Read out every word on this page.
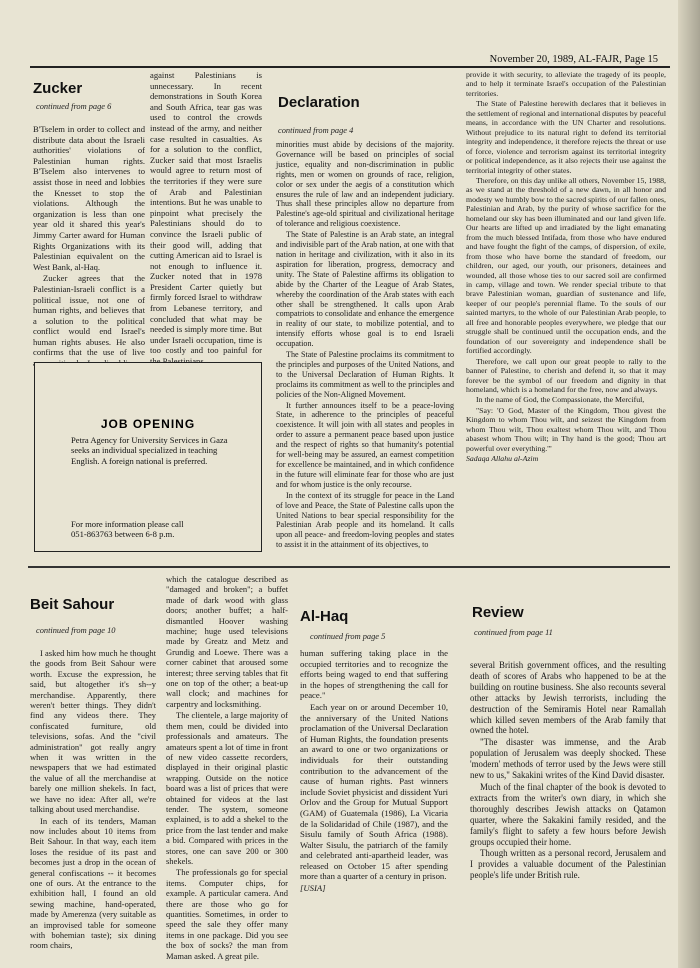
November 20, 1989, AL-FAJR, Page 15
Zucker
continued from page 6

B'Tselem in order to collect and distribute data about the Israeli authorities' violations of Palestinian human rights. B'Tselem also intervenes to assist those in need and lobbies the Knesset to stop the violations. Although the organization is less than one year old it shared this year's Jimmy Carter award for Human Rights Organizations with its Palestinian equivalent on the West Bank, al-Haq.

Zucker agrees that the Palestinian-Israeli conflict is a political issue, not one of human rights, and believes that a solution to the political conflict would end Israel's human rights abuses. He also confirms that the use of live

against Palestinians is unnecessary. In recent demonstrations in South Korea and South Africa, tear gas was used to control the crowds instead of the army, and neither case resulted in casualties. As for a solution to the conflict, Zucker said that most Israelis would agree to return most of the territories if they were sure of Arab and Palestinian intentions. But he was unable to pinpoint what precisely the Palestinians should do to convince the Israeli public of their good will, adding that cutting American aid to Israel is not enough to influence it. Zucker noted that in 1978 President Carter quietly but firmly forced Israel to withdraw from Lebanese territory, and concluded that what may be needed is simply more time. But under Israeli occupation, time is too costly and too painful for

JOB OPENING
Petra Agency for University Services in Gaza seeks an individual specialized in teaching English. A foreign national is preferred.
For more information please call
051-863763 between 6-8 p.m.
Declaration
continued from page 4

minorities must abide by decisions of the majority. Governance will be based on principles of social justice, equality and non-discrimination in public rights, men or women on grounds of race, religion, color or sex under the aegis of a constitution which ensures the rule of law and an independent judiciary. Thus shall these principles allow no departure from Palestine's age-old spiritual and civilizational heritage of tolerance and religious coexistence.

The State of Palestine is an Arab state, an integral and indivisible part of the Arab nation, at one with that nation in heritage and civilization, with it also in its aspiration for liberation, progress, democracy and unity. The State of Palestine affirms its obligation to abide by the Charter of the League of Arab States, whereby the coordination of the Arab states with each other shall be strengthened. It calls upon Arab compatriots to consolidate and enhance the emergence in reality of our state, to mobilize potential, and to intensify efforts whose goal is to end Israeli occupation.

The State of Palestine proclaims its commitment to the principles and purposes of the United Nations, and to the Universal Declaration of Human Rights. It proclaims its commitment as well to the principles and policies of the Non-Aligned Movement.

It further announces itself to be a peace-loving State, in adherence to the principles of peaceful coexistence. It will join with all states and peoples in order to assure a permanent peace based upon justice and the respect of rights so that humanity's potential for well-being may be assured, an earnest competition for excellence be maintained, and in which confidence in the future will eliminate fear for those who are just and for whom justice is the only recourse.

In the context of its struggle for peace in the Land of love and Peace, the State of Palestine calls upon the United Nations to bear special responsibility for the Palestinian Arab people and its homeland. It calls upon all peace- and freedom-loving peoples and states to assist it in the attainment of its objectives, to

provide it with security, to alleviate the tragedy of its people, and to help it terminate Israel's occupation of the Palestinian territories.

The State of Palestine herewith declares that it believes in the settlement of regional and international disputes by peaceful means, in accordance with the UN Charter and resolutions. Without prejudice to its natural right to defend its territorial integrity and independence, it therefore rejects the threat or use of force, violence and terrorism against its territorial integrity or political independence, as it also rejects their use against the territorial integrity of other states.

Therefore, on this day unlike all others, November 15, 1988, as we stand at the threshold of a new dawn, in all honor and modesty we humbly bow to the sacred spirits of our fallen ones, Palestinian and Arab, by the purity of whose sacrifice for the homeland our sky has been illuminated and our land given life. Our hearts are lifted up and irradiated by the light emanating from the much blessed Intifada, from those who have endured and have fought the fight of the camps, of dispersion, of exile, from those who have borne the standard of freedom, our children, our aged, our youth, our prisoners, detainees and wounded, all those whose ties to our sacred soil are confirmed in camp, village and town. We render special tribute to that brave Palestinian woman, guardian of sustenance and life, keeper of our people's perennial flame. To the souls of our sainted martyrs, to the whole of our Palestinian Arab people, to all free and honorable peoples everywhere, we pledge that our struggle shall be continued until the occupation ends, and the foundation of our sovereignty and independence shall be fortified accordingly.

Therefore, we call upon our great people to rally to the banner of Palestine, to cherish and defend it, so that it may forever be the symbol of our freedom and dignity in that homeland, which is a homeland for the free, now and always.

In the name of God, the Compassionate, the Merciful,

"Say: 'O God, Master of the Kingdom, Thou givest the Kingdom to whom Thou wilt, and seizest the Kingdom from whom Thou wilt, Thou exaltest whom Thou wilt, and Thou abasest whom Thou wilt; in Thy hand is the good; Thou art powerful over everything.'"

Sadaqa Allahu al-Azim

Beit Sahour
continued from page 10

I asked him how much he thought the goods from Beit Sahour were worth. Excuse the expression, he said, but altogether it's sh--y merchandise. Apparently, there weren't better things. They didn't find any videos there. They confiscated furniture, old televisions, sofas. And the "civil administration" got really angry when it was written in the newspapers that we had estimated the value of all the merchandise at barely one million shekels. In fact, we have no idea: After all, we're talking about used merchandise.

In each of its tenders, Maman now includes about 10 items from Beit Sahour. In that way, each item loses the residue of its past and becomes just a drop in the ocean of general confiscations -- it becomes one of ours. At the entrance to the exhibition hall, I found an old sewing machine, hand-operated, made by Amerenza (very suitable as an improvised table for someone with bohemian taste); six dining room chairs,

which the catalogue described as "damaged and broken"; a buffet made of dark wood with glass doors; another buffet; a half-dismantled Hoover washing machine; huge used televisions made by Greatz and Metz and Grundig and Loewe. There was a corner cabinet that aroused some interest; three serving tables that fit one on top of the other; a beat-up wall clock; and machines for carpentry and locksmithing.

The clientele, a large majority of them men, could be divided into professionals and amateurs. The amateurs spent a lot of time in front of new video cassette recorders, displayed in their original plastic wrapping. Outside on the notice board was a list of prices that were obtained for videos at the last tender. The system, someone explained, is to add a shekel to the price from the last tender and make a bid. Compared with prices in the stores, one can save 200 or 300 shekels.

The professionals go for special items. Computer chips, for example. A particular camera. And there are those who go for quantities. Sometimes, in order to speed the sale they offer many items in one package. Did you see the box of socks? the man from Maman asked. A great pile.

Al-Haq
continued from page 5

human suffering taking place in the occupied territories and to recognize the efforts being waged to end that suffering in the hopes of strengthening the call for peace."

Each year on or around December 10, the anniversary of the United Nations proclamation of the Universal Declaration of Human Rights, the foundation presents an award to one or two organizations or individuals for their outstanding contribution to the advancement of the cause of human rights. Past winners include Soviet physicist and dissident Yuri Orlov and the Group for Mutual Support (GAM) of Guatemala (1986), La Vicaria de la Solidaridad of Chile (1987), and the Sisulu family of South Africa (1988). Walter Sisulu, the patriarch of the family and celebrated anti-apartheid leader, was released on October 15 after spending more than a quarter of a century in prison.

[USIA]

Review
continued from page 11

several British government offices, and the resulting death of scores of Arabs who happened to be at the building on routine business. She also recounts several other attacks by Jewish terrorists, including the destruction of the Semiramis Hotel near Ramallah which killed seven members of the Arab family that owned the hotel.

"The disaster was immense, and the Arab population of Jerusalem was deeply shocked. These 'modern' methods of terror used by the Jews were still new to us," Sakakini writes of the Kind David disaster.

Much of the final chapter of the book is devoted to extracts from the writer's own diary, in which she thoroughly describes Jewish attacks on Qatamon quarter, where the Sakakini family resided, and the family's flight to safety a few hours before Jewish groups occupied their home.

Though written as a personal record, Jerusalem and I provides a valuable document of the Palestinian people's life under British rule.
